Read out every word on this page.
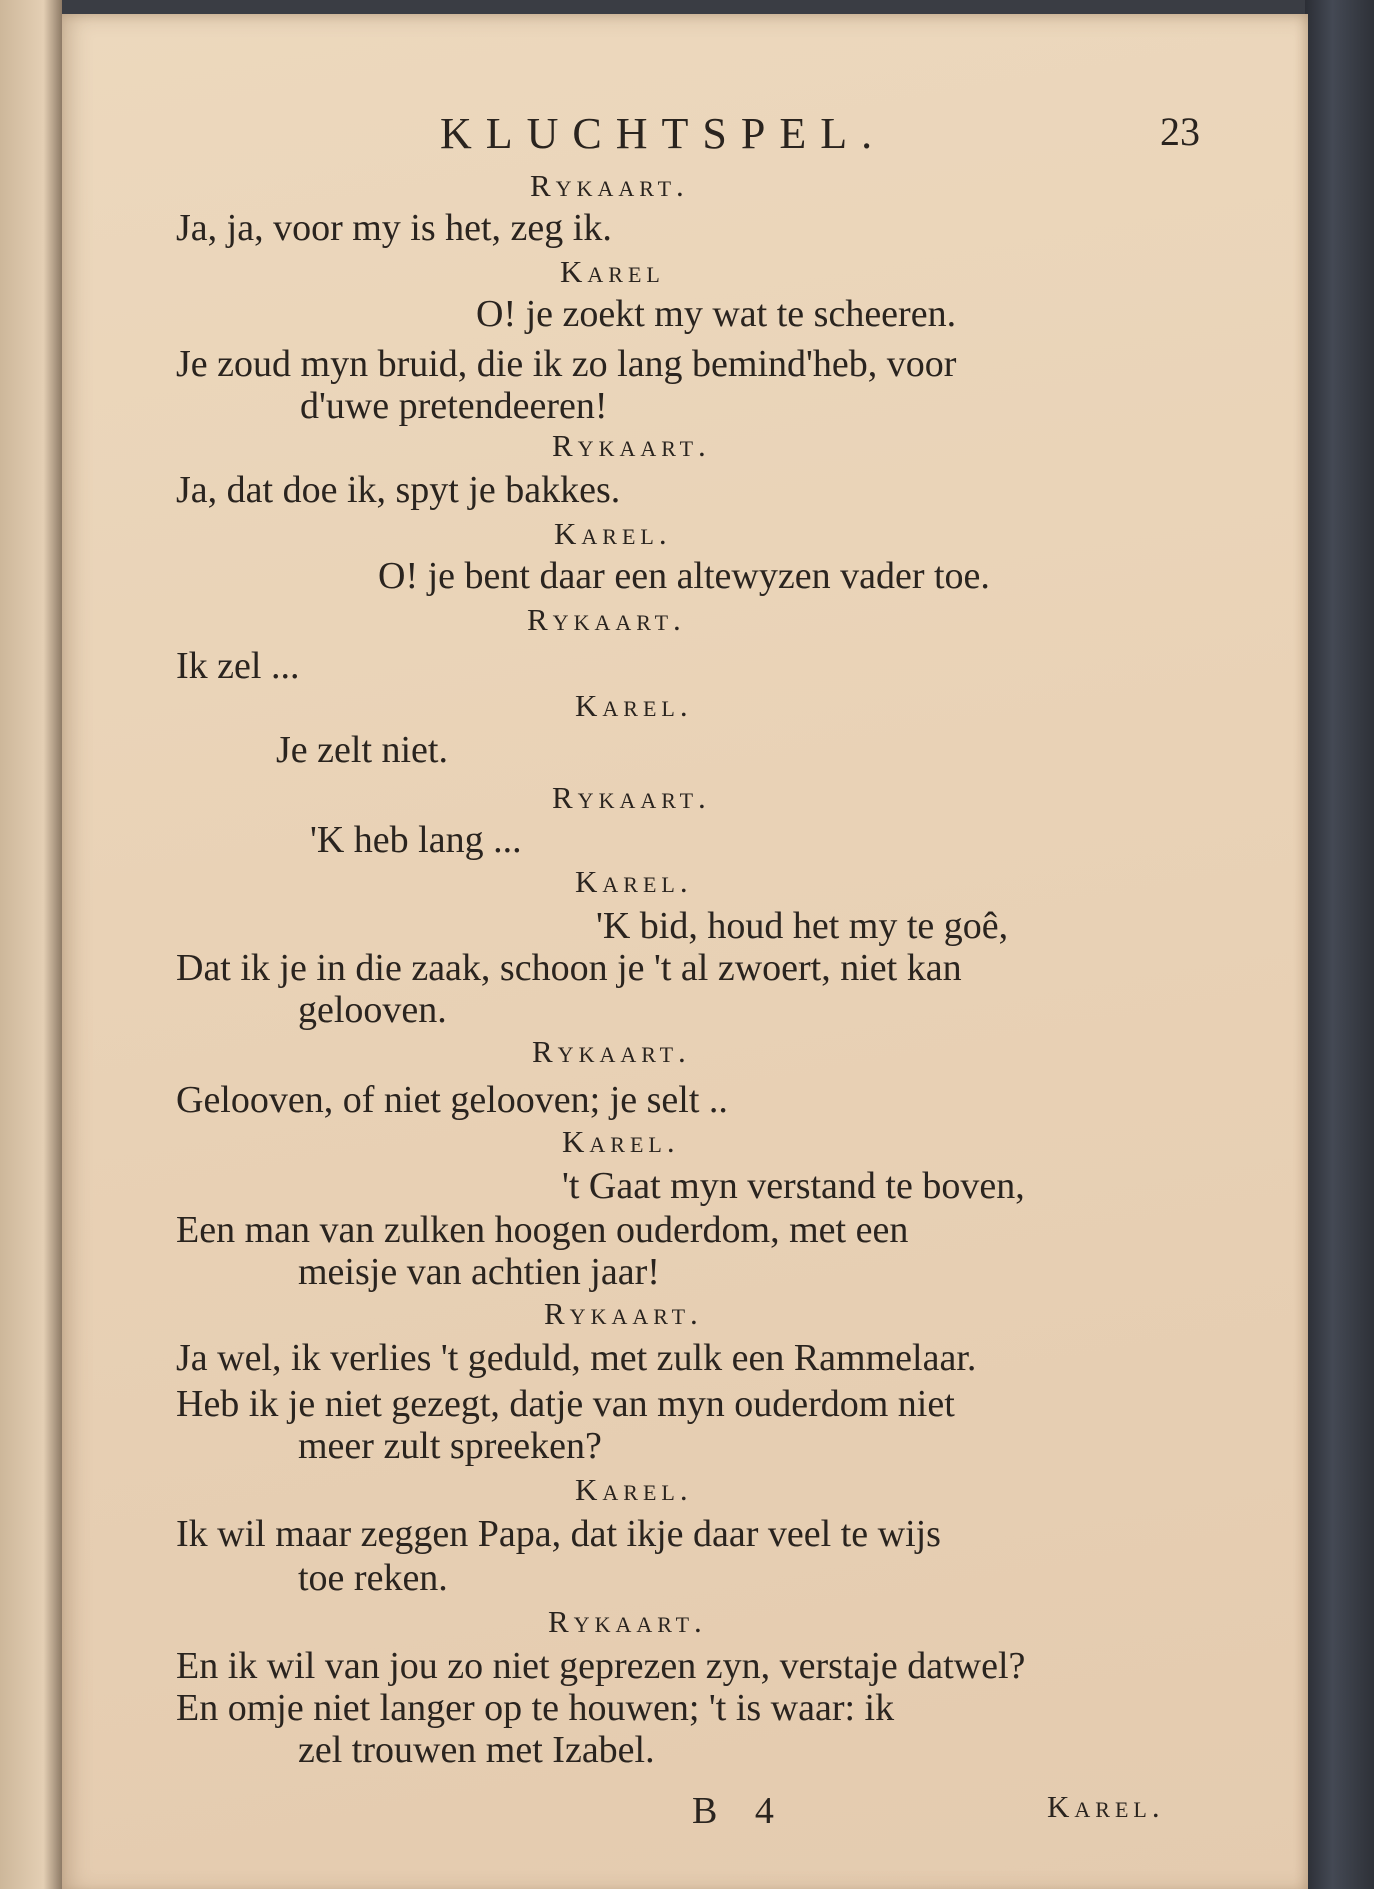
KLUCHTSPEL.	23
Rykaart.
Ja, ja, voor my is het, zeg ik.
Karel
O! je zoekt my wat te scheeren.
Je zoud myn bruid, die ik zo lang bemind'heb, voor
d'uwe pretendeeren!
Rykaart.
Ja, dat doe ik, spyt je bakkes.
Karel.
O! je bent daar een altewyzen vader toe.
Rykaart.
Ik zel ...
Karel.
Je zelt niet.
Rykaart.
'K heb lang ...
Karel.
'K bid, houd het my te goê,
Dat ik je in die zaak, schoon je 't al zwoert, niet kan
gelooven.
Rykaart.
Gelooven, of niet gelooven; je selt ..
Karel.
't Gaat myn verstand te boven,
Een man van zulken hoogen ouderdom, met een
meisje van achtien jaar!
Rykaart.
Ja wel, ik verlies 't geduld, met zulk een Rammelaar.
Heb ik je niet gezegt, datje van myn ouderdom niet
meer zult spreeken?
Karel.
Ik wil maar zeggen Papa, dat ikje daar veel te wijs
toe reken.
Rykaart.
En ik wil van jou zo niet geprezen zyn, verstaje datwel?
En omje niet langer op te houwen; 't is waar: ik
zel trouwen met Izabel.
B 4	Karel.
